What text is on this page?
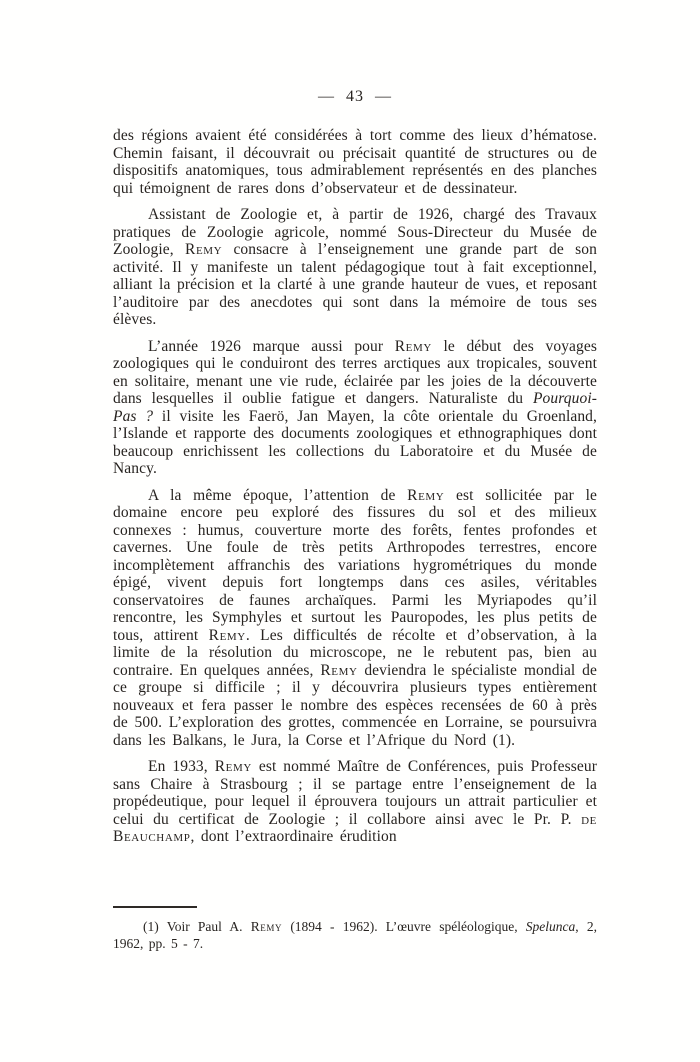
— 43 —

des régions avaient été considérées à tort comme des lieux d’hématose. Chemin faisant, il découvrait ou précisait quantité de structures ou de dispositifs anatomiques, tous admirablement représentés en des planches qui témoignent de rares dons d’observateur et de dessinateur.

Assistant de Zoologie et, à partir de 1926, chargé des Travaux pratiques de Zoologie agricole, nommé Sous-Directeur du Musée de Zoologie, Remy consacre à l’enseignement une grande part de son activité. Il y manifeste un talent pédagogique tout à fait exceptionnel, alliant la précision et la clarté à une grande hauteur de vues, et reposant l’auditoire par des anecdotes qui sont dans la mémoire de tous ses élèves.

L’année 1926 marque aussi pour Remy le début des voyages zoologiques qui le conduiront des terres arctiques aux tropicales, souvent en solitaire, menant une vie rude, éclairée par les joies de la découverte dans lesquelles il oublie fatigue et dangers. Naturaliste du Pourquoi-Pas ? il visite les Faerö, Jan Mayen, la côte orientale du Groenland, l’Islande et rapporte des documents zoologiques et ethnographiques dont beaucoup enrichissent les collections du Laboratoire et du Musée de Nancy.

A la même époque, l’attention de Remy est sollicitée par le domaine encore peu exploré des fissures du sol et des milieux connexes : humus, couverture morte des forêts, fentes profondes et cavernes. Une foule de très petits Arthropodes terrestres, encore incomplètement affranchis des variations hygrométriques du monde épigé, vivent depuis fort longtemps dans ces asiles, véritables conservatoires de faunes archaïques. Parmi les Myriapodes qu’il rencontre, les Symphyles et surtout les Pauropodes, les plus petits de tous, attirent Remy. Les difficultés de récolte et d’observation, à la limite de la résolution du microscope, ne le rebutent pas, bien au contraire. En quelques années, Remy deviendra le spécialiste mondial de ce groupe si difficile ; il y découvrira plusieurs types entièrement nouveaux et fera passer le nombre des espèces recensées de 60 à près de 500. L’exploration des grottes, commencée en Lorraine, se poursuivra dans les Balkans, le Jura, la Corse et l’Afrique du Nord (1).

En 1933, Remy est nommé Maître de Conférences, puis Professeur sans Chaire à Strasbourg ; il se partage entre l’enseignement de la propédeutique, pour lequel il éprouvera toujours un attrait particulier et celui du certificat de Zoologie ; il collabore ainsi avec le Pr. P. de Beauchamp, dont l’extraordinaire érudition

(1) Voir Paul A. Remy (1894 - 1962). L’œuvre spéléologique, Spelunca, 2, 1962, pp. 5 - 7.
